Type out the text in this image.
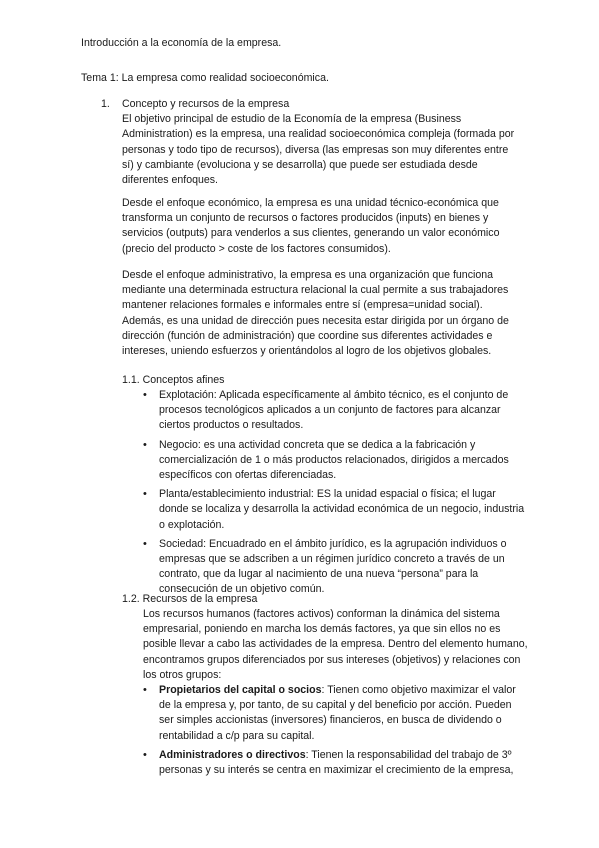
Introducción a la economía de la empresa.

Tema 1: La empresa como realidad socioeconómica.

1. Concepto y recursos de la empresa

El objetivo principal de estudio de la Economía de la empresa (Business Administration) es la empresa, una realidad socioeconómica compleja (formada por personas y todo tipo de recursos), diversa (las empresas son muy diferentes entre sí) y cambiante (evoluciona y se desarrolla) que puede ser estudiada desde diferentes enfoques.

Desde el enfoque económico, la empresa es una unidad técnico-económica que transforma un conjunto de recursos o factores producidos (inputs) en bienes y servicios (outputs) para venderlos a sus clientes, generando un valor económico (precio del producto > coste de los factores consumidos).

Desde el enfoque administrativo, la empresa es una organización que funciona mediante una determinada estructura relacional la cual permite a sus trabajadores mantener relaciones formales e informales entre sí (empresa=unidad social). Además, es una unidad de dirección pues necesita estar dirigida por un órgano de dirección (función de administración) que coordine sus diferentes actividades e intereses, uniendo esfuerzos y orientándolos al logro de los objetivos globales.

1.1. Conceptos afines

• Explotación: Aplicada específicamente al ámbito técnico, es el conjunto de procesos tecnológicos aplicados a un conjunto de factores para alcanzar ciertos productos o resultados.
• Negocio: es una actividad concreta que se dedica a la fabricación y comercialización de 1 o más productos relacionados, dirigidos a mercados específicos con ofertas diferenciadas.
• Planta/establecimiento industrial: ES la unidad espacial o física; el lugar donde se localiza y desarrolla la actividad económica de un negocio, industria o explotación.
• Sociedad: Encuadrado en el ámbito jurídico, es la agrupación individuos o empresas que se adscriben a un régimen jurídico concreto a través de un contrato, que da lugar al nacimiento de una nueva “persona” para la consecución de un objetivo común.

1.2. Recursos de la empresa

Los recursos humanos (factores activos) conforman la dinámica del sistema empresarial, poniendo en marcha los demás factores, ya que sin ellos no es posible llevar a cabo las actividades de la empresa. Dentro del elemento humano, encontramos grupos diferenciados por sus intereses (objetivos) y relaciones con los otros grupos:

• Propietarios del capital o socios: Tienen como objetivo maximizar el valor de la empresa y, por tanto, de su capital y del beneficio por acción. Pueden ser simples accionistas (inversores) financieros, en busca de dividendo o rentabilidad a c/p para su capital.
• Administradores o directivos: Tienen la responsabilidad del trabajo de 3º personas y su interés se centra en maximizar el crecimiento de la empresa,
